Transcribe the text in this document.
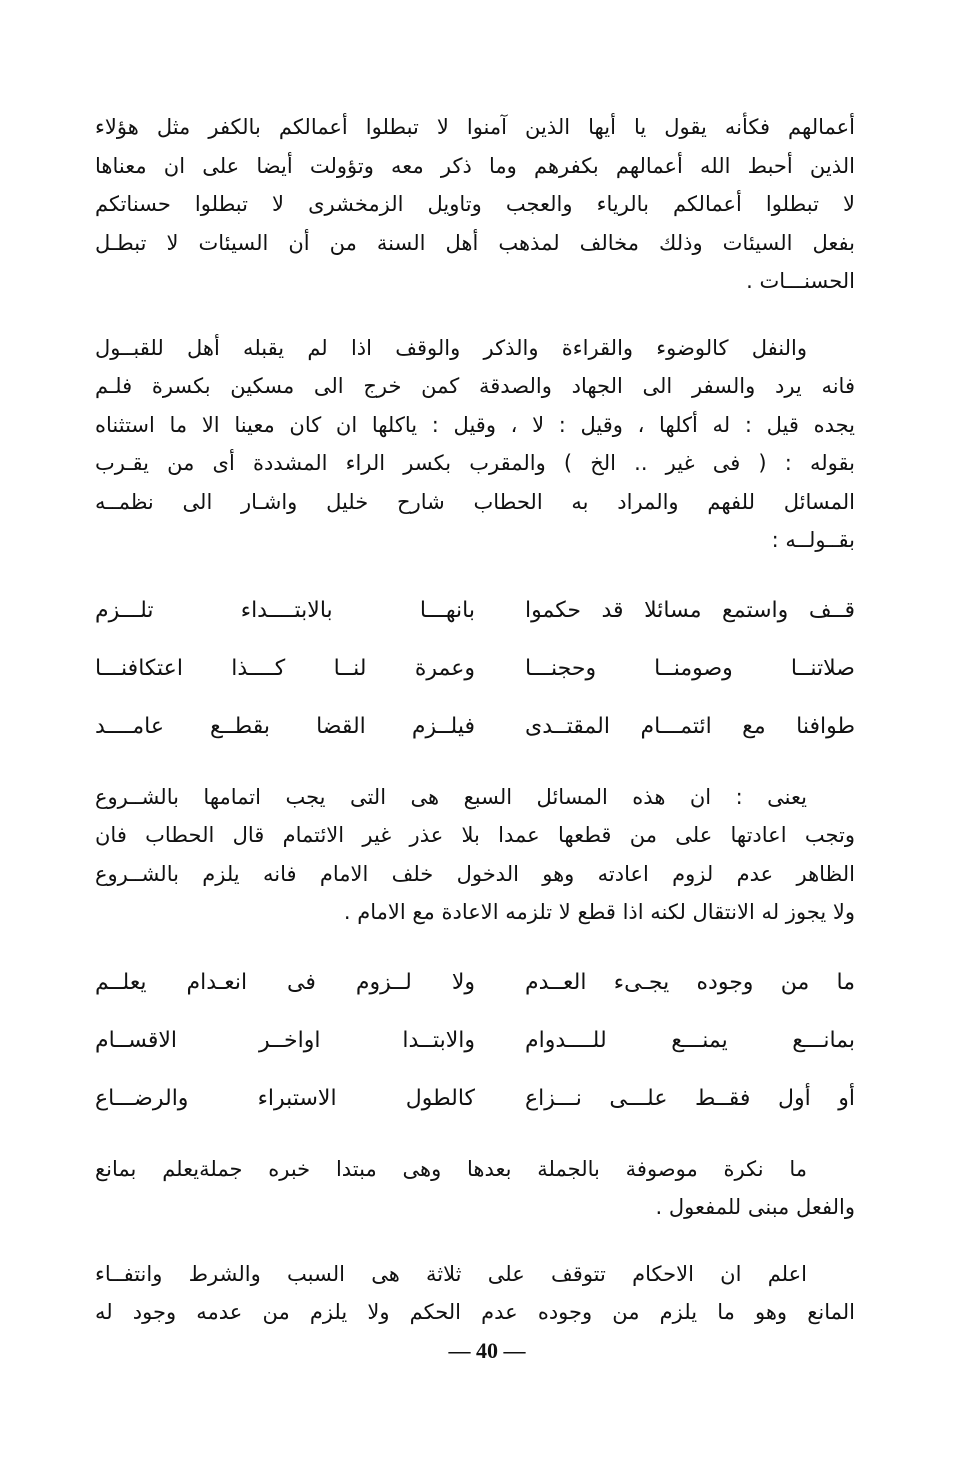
أعمالهم فكأنه يقول يا أيها الذين آمنوا لا تبطلوا أعمالكم بالكفر مثل هؤلاء
الذين أحبط الله أعمالهم بكفرهم وما ذكر معه وتؤولت أيضا على ان معناها
لا تبطلوا أعمالكم بالرياء والعجب وتاويل الزمخشرى لا تبطلوا حسناتكم
بفعل السيئات وذلك مخالف لمذهب أهل السنة من أن السيئات لا تبطـل
الحسنـــات .
والنفل كالوضوء والقراءة والذكر والوقف اذا لم يقبله أهل للقبــول
فانه يرد والسفر الى الجهاد والصدقة كمن خرج الى مسكين بكسرة فلـم
يجده قيل : له أكلها ، وقيل : لا ، وقيل : ياكلها ان كان معينا الا ما استثناه
بقوله : ( فى غير .. الخ ) والمقرب بكسر الراء المشددة أى من يقـرب
المسائل للفهم والمراد به الحطاب شارح خليل واشـار الى نظمــه
بقــولــه :
قــف واستمع مسائلا قد حكموا
بانهـــا بالابتــــداء تلـــزم
صلاتنــا وصومنــا وحجنـــا
وعمرة لنــا كــــذا اعتكافنـــا
طوافنا مع ائتمـــام المقتــدى
فيلــزم القضا بقطــع عامــــد
يعنى : ان هذه المسائل السبع هى التى يجب اتمامها بالشــروع
وتجب اعادتها على من قطعها عمدا بلا عذر غير الائتمام قال الحطاب فان
الظاهر عدم لزوم اعادته وهو الدخول خلف الامام فانه يلزم بالشــروع
ولا يجوز له الانتقال لكنه اذا قطع لا تلزمه الاعادة مع الامام .
ما من وجوده يجـىء العــدم
ولا لــزوم فى انعـدام يعلــم
بمانـــع يمنـــع للــــدوام
والابتــدا اواخــر الاقســام
أو أول فقــط علـــى نـــزاع
كالطول الاستبراء والرضـــاع
ما نكرة موصوفة بالجملة بعدها وهى مبتدا خبره جملةيعلم بمانع
والفعل مبنى للمفعول .
اعلم ان الاحكام تتوقف على ثلاثة هى السبب والشرط وانتفــاء
المانع وهو ما يلزم من وجوده عدم الحكم ولا يلزم من عدمه وجود له
— 40 —
